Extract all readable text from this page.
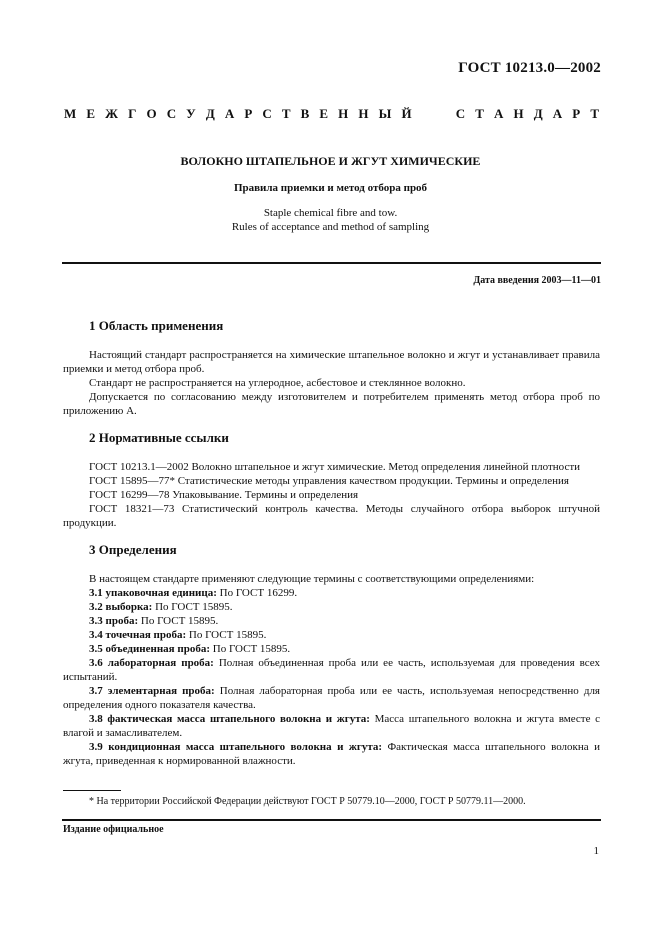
ГОСТ 10213.0—2002
М Е Ж Г О С У Д А Р С Т В Е Н Н Ы Й	С Т А Н Д А Р Т
ВОЛОКНО ШТАПЕЛЬНОЕ И ЖГУТ ХИМИЧЕСКИЕ
Правила приемки и метод отбора проб
Staple chemical fibre and tow.
Rules of acceptance and method of sampling
Дата введения 2003—11—01
1 Область применения

Настоящий стандарт распространяется на химические штапельное волокно и жгут и устанавливает правила приемки и метод отбора проб.

Стандарт не распространяется на углеродное, асбестовое и стеклянное волокно.

Допускается по согласованию между изготовителем и потребителем применять метод отбора проб по приложению А.

2 Нормативные ссылки

ГОСТ 10213.1—2002 Волокно штапельное и жгут химические. Метод определения линейной плотности

ГОСТ 15895—77* Статистические методы управления качеством продукции. Термины и определения

ГОСТ 16299—78 Упаковывание. Термины и определения

ГОСТ 18321—73 Статистический контроль качества. Методы случайного отбора выборок штучной продукции.

3 Определения

В настоящем стандарте применяют следующие термины с соответствующими определениями:

3.1 упаковочная единица: По ГОСТ 16299.

3.2 выборка: По ГОСТ 15895.

3.3 проба: По ГОСТ 15895.

3.4 точечная проба: По ГОСТ 15895.

3.5 объединенная проба: По ГОСТ 15895.

3.6 лабораторная проба: Полная объединенная проба или ее часть, используемая для проведения всех испытаний.

3.7 элементарная проба: Полная лабораторная проба или ее часть, используемая непосредственно для определения одного показателя качества.

3.8 фактическая масса штапельного волокна и жгута: Масса штапельного волокна и жгута вместе с влагой и замасливателем.

3.9 кондиционная масса штапельного волокна и жгута: Фактическая масса штапельного волокна и жгута, приведенная к нормированной влажности.

* На территории Российской Федерации действуют ГОСТ Р 50779.10—2000, ГОСТ Р 50779.11—2000.
Издание официальное
1
